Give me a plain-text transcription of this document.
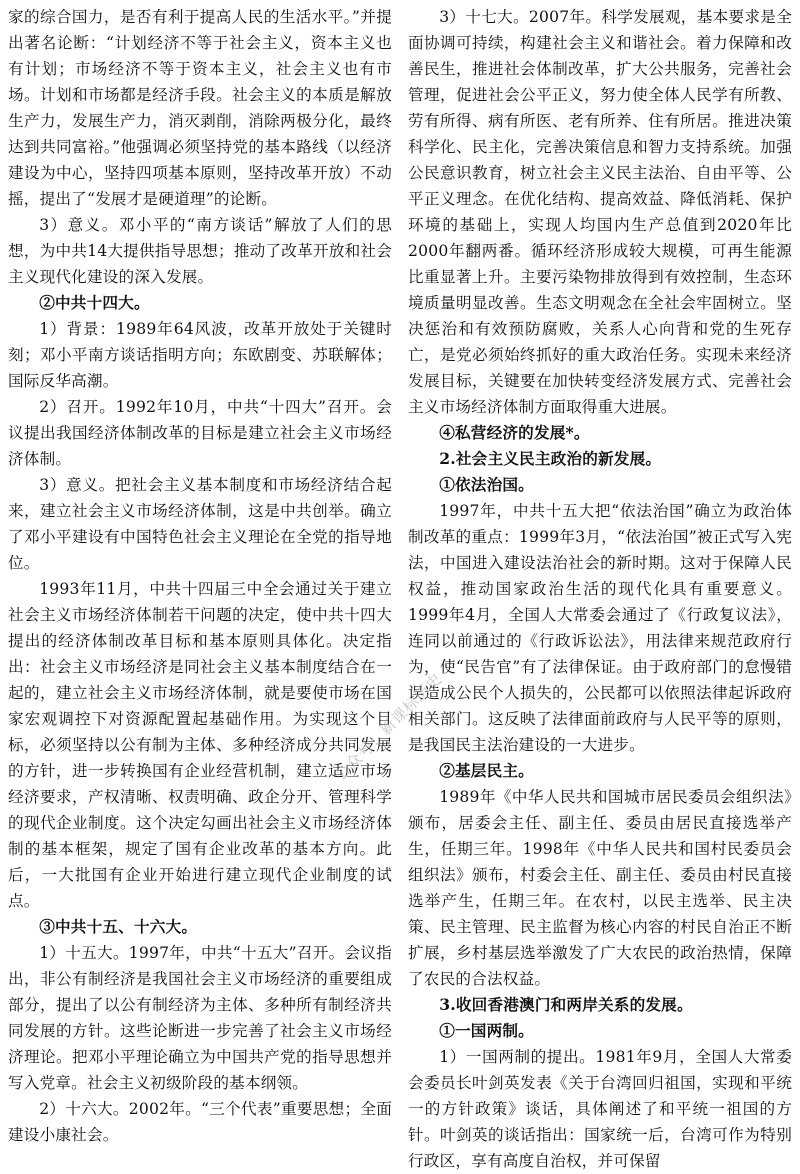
家的综合国力，是否有利于提高人民的生活水平。”并提出著名论断：“计划经济不等于社会主义，资本主义也有计划；市场经济不等于资本主义，社会主义也有市场。计划和市场都是经济手段。社会主义的本质是解放生产力，发展生产力，消灭剥削，消除两极分化，最终达到共同富裕。”他强调必须坚持党的基本路线（以经济建设为中心，坚持四项基本原则，坚持改革开放）不动摇，提出了“发展才是硬道理”的论断。

3）意义。邓小平的“南方谈话”解放了人们的思想，为中共14大提供指导思想；推动了改革开放和社会主义现代化建设的深入发展。

②中共十四大。

1）背景：1989年64风波，改革开放处于关键时刻；邓小平南方谈话指明方向；东欧剧变、苏联解体；国际反华高潮。

2）召开。1992年10月，中共“十四大”召开。会议提出我国经济体制改革的目标是建立社会主义市场经济体制。

3）意义。把社会主义基本制度和市场经济结合起来，建立社会主义市场经济体制，这是中共创举。确立了邓小平建设有中国特色社会主义理论在全党的指导地位。

1993年11月，中共十四届三中全会通过关于建立社会主义市场经济体制若干问题的决定，使中共十四大提出的经济体制改革目标和基本原则具体化。决定指出：社会主义市场经济是同社会主义基本制度结合在一起的，建立社会主义市场经济体制，就是要使市场在国家宏观调控下对资源配置起基础作用。为实现这个目标，必须坚持以公有制为主体、多种经济成分共同发展的方针，进一步转换国有企业经营机制，建立适应市场经济要求，产权清晰、权责明确、政企分开、管理科学的现代企业制度。这个决定勾画出社会主义市场经济体制的基本框架，规定了国有企业改革的基本方向。此后，一大批国有企业开始进行建立现代企业制度的试点。

③中共十五、十六大。

1）十五大。1997年，中共“十五大”召开。会议指出，非公有制经济是我国社会主义市场经济的重要组成部分，提出了以公有制经济为主体、多种所有制经济共同发展的方针。这些论断进一步完善了社会主义市场经济理论。把邓小平理论确立为中国共产党的指导思想并写入党章。社会主义初级阶段的基本纲领。

2）十六大。2002年。“三个代表”重要思想；全面建设小康社会。

3）十七大。2007年。科学发展观，基本要求是全面协调可持续，构建社会主义和谐社会。着力保障和改善民生，推进社会体制改革，扩大公共服务，完善社会管理，促进社会公平正义，努力使全体人民学有所教、劳有所得、病有所医、老有所养、住有所居。推进决策科学化、民主化，完善决策信息和智力支持系统。加强公民意识教育，树立社会主义民主法治、自由平等、公平正义理念。在优化结构、提高效益、降低消耗、保护环境的基础上，实现人均国内生产总值到2020年比2000年翻两番。循环经济形成较大规模，可再生能源比重显著上升。主要污染物排放得到有效控制，生态环境质量明显改善。生态文明观念在全社会牢固树立。坚决惩治和有效预防腐败，关系人心向背和党的生死存亡，是党必须始终抓好的重大政治任务。实现未来经济发展目标，关键要在加快转变经济发展方式、完善社会主义市场经济体制方面取得重大进展。

④私营经济的发展*。

2.社会主义民主政治的新发展。

①依法治国。

1997年，中共十五大把“依法治国”确立为政治体制改革的重点：1999年3月，“依法治国”被正式写入宪法，中国进入建设法治社会的新时期。这对于保障人民权益，推动国家政治生活的现代化具有重要意义。1999年4月，全国人大常委会通过了《行政复议法》，连同以前通过的《行政诉讼法》，用法律来规范政府行为，使“民告官”有了法律保证。由于政府部门的怠慢错误造成公民个人损失的，公民都可以依照法律起诉政府相关部门。这反映了法律面前政府与人民平等的原则，是我国民主法治建设的一大进步。

②基层民主。

1989年《中华人民共和国城市居民委员会组织法》颁布，居委会主任、副主任、委员由居民直接选举产生，任期三年。1998年《中华人民共和国村民委员会组织法》颁布，村委会主任、副主任、委员由村民直接选举产生，任期三年。在农村，以民主选举、民主决策、民主管理、民主监督为核心内容的村民自治正不断扩展，乡村基层选举激发了广大农民的政治热情，保障了农民的合法权益。

3.收回香港澳门和两岸关系的发展。

①一国两制。

1）一国两制的提出。1981年9月，全国人大常委会委员长叶剑英发表《关于台湾回归祖国，实现和平统一的方针政策》谈话，具体阐述了和平统一祖国的方针。叶剑英的谈话指出：国家统一后，台湾可作为特别行政区，享有高度自治权，并可保留

公众号：新课标历史
